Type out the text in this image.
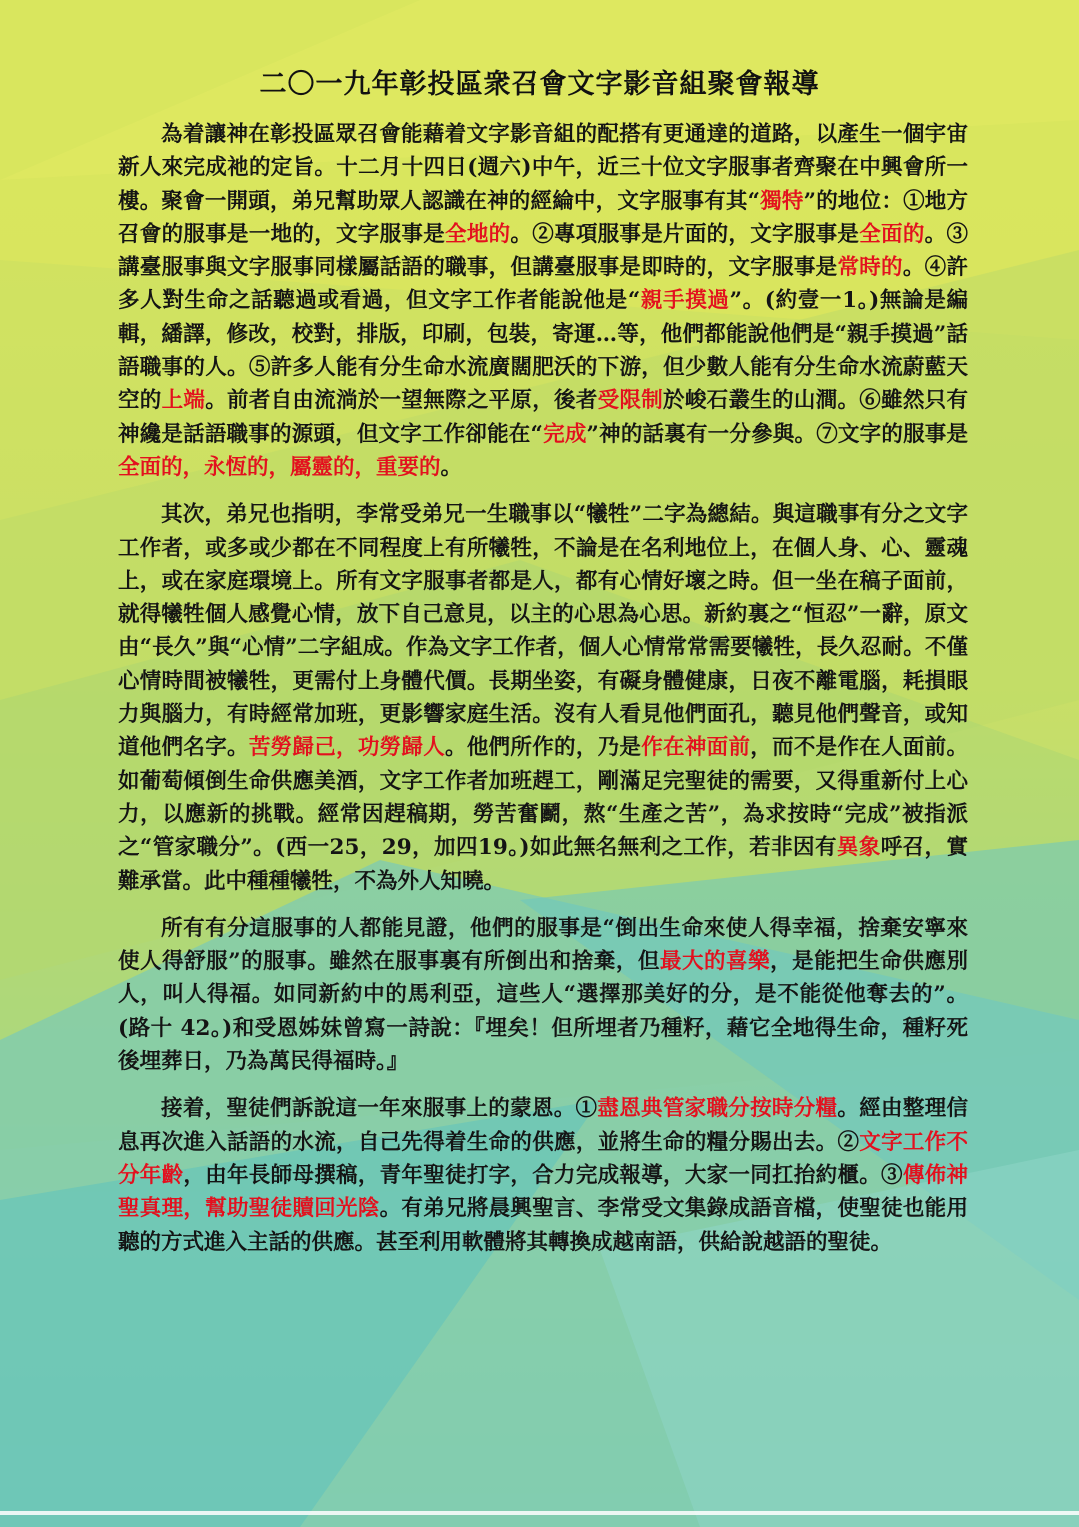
二〇一九年彰投區衆召會文字影音組聚會報導

為着讓神在彰投區眾召會能藉着文字影音組的配搭有更通達的道路，以產生一個宇宙新人來完成祂的定旨。十二月十四日(週六)中午，近三十位文字服事者齊聚在中興會所一樓。聚會一開頭，弟兄幫助眾人認識在神的經綸中，文字服事有其“獨特”的地位：①地方召會的服事是一地的，文字服事是全地的。②專項服事是片面的，文字服事是全面的。③講臺服事與文字服事同樣屬話語的職事，但講臺服事是即時的，文字服事是常時的。④許多人對生命之話聽過或看過，但文字工作者能說他是“親手摸過”。(約壹一1。)無論是編輯，繙譯，修改，校對，排版，印刷，包裝，寄運…等，他們都能說他們是“親手摸過”話語職事的人。⑤許多人能有分生命水流廣闊肥沃的下游，但少數人能有分生命水流蔚藍天空的上端。前者自由流淌於一望無際之平原，後者受限制於峻石叢生的山澗。⑥雖然只有神纔是話語職事的源頭，但文字工作卻能在“完成”神的話裏有一分參與。⑦文字的服事是全面的，永恆的，屬靈的，重要的。

其次，弟兄也指明，李常受弟兄一生職事以“犧牲”二字為總結。與這職事有分之文字工作者，或多或少都在不同程度上有所犧牲，不論是在名利地位上，在個人身、心、靈魂上，或在家庭環境上。所有文字服事者都是人，都有心情好壞之時。但一坐在稿子面前，就得犧牲個人感覺心情，放下自己意見，以主的心思為心思。新約裏之“恒忍”一辭，原文由“長久”與“心情”二字組成。作為文字工作者，個人心情常常需要犧牲，長久忍耐。不僅心情時間被犧牲，更需付上身體代價。長期坐姿，有礙身體健康，日夜不離電腦，耗損眼力與腦力，有時經常加班，更影響家庭生活。沒有人看見他們面孔，聽見他們聲音，或知道他們名字。苦勞歸己，功勞歸人。他們所作的，乃是作在神面前，而不是作在人面前。如葡萄傾倒生命供應美酒，文字工作者加班趕工，剛滿足完聖徒的需要，又得重新付上心力，以應新的挑戰。經常因趕稿期，勞苦奮鬬，熬“生產之苦”，為求按時“完成”被指派之“管家職分”。(西一25，29，加四19。)如此無名無利之工作，若非因有異象呼召，實難承當。此中種種犧牲，不為外人知曉。

所有有分這服事的人都能見證，他們的服事是“倒出生命來使人得幸福，捨棄安寧來使人得舒服”的服事。雖然在服事裏有所倒出和捨棄，但最大的喜樂，是能把生命供應別人，叫人得福。如同新約中的馬利亞，這些人“選擇那美好的分，是不能從他奪去的”。(路十 42。)和受恩姊妹曾寫一詩說：『埋矣！但所埋者乃種籽，藉它全地得生命，種籽死後埋葬日，乃為萬民得福時。』

接着，聖徒們訴說這一年來服事上的蒙恩。①盡恩典管家職分按時分糧。經由整理信息再次進入話語的水流，自己先得着生命的供應，並將生命的糧分賜出去。②文字工作不分年齡，由年長師母撰稿，青年聖徒打字，合力完成報導，大家一同扛抬約櫃。③傳佈神聖真理，幫助聖徒贖回光陰。有弟兄將晨興聖言、李常受文集錄成語音檔，使聖徒也能用聽的方式進入主話的供應。甚至利用軟體將其轉換成越南語，供給說越語的聖徒。
